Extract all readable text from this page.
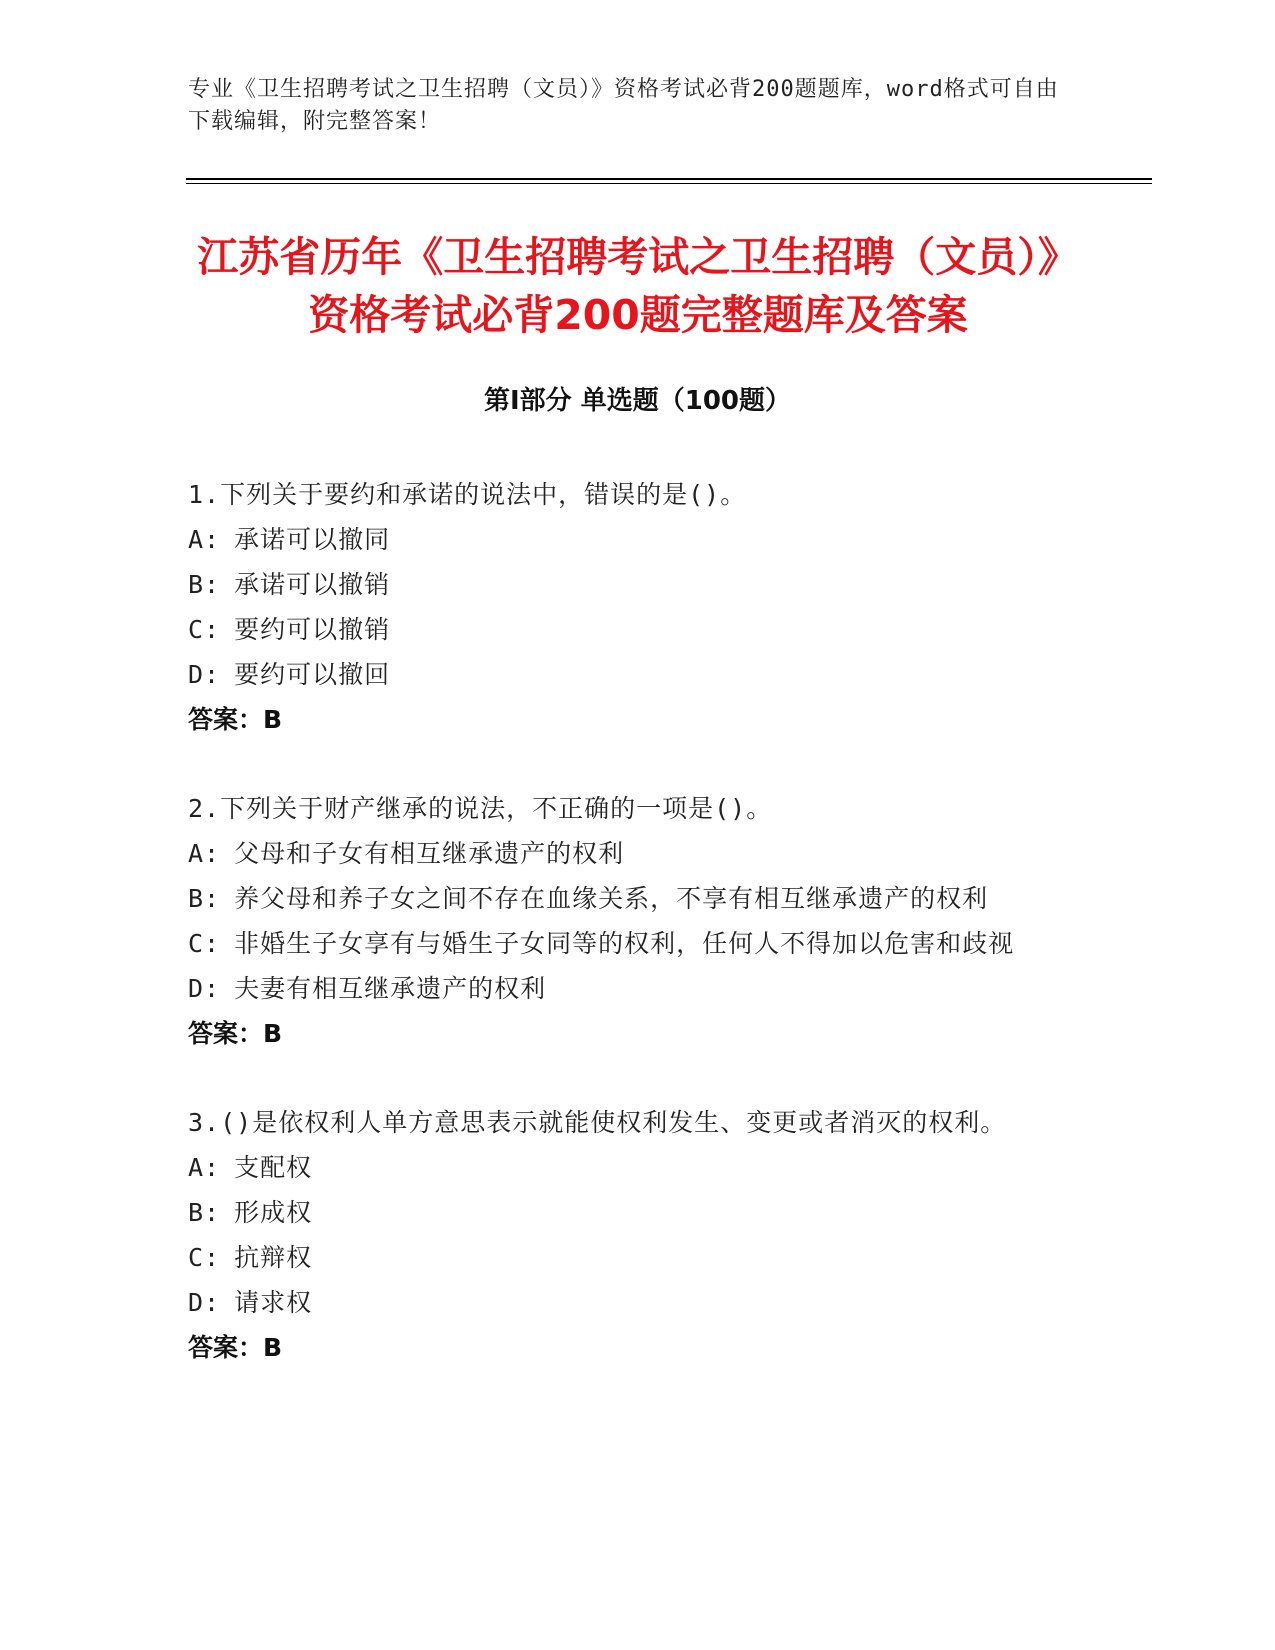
专业《卫生招聘考试之卫生招聘（文员）》资格考试必背200题题库，word格式可自由下载编辑，附完整答案！
江苏省历年《卫生招聘考试之卫生招聘（文员）》资格考试必背200题完整题库及答案
第Ⅰ部分 单选题（100题）
1.下列关于要约和承诺的说法中，错误的是()。
A: 承诺可以撤同
B: 承诺可以撤销
C: 要约可以撤销
D: 要约可以撤回
答案：B
2.下列关于财产继承的说法，不正确的一项是()。
A: 父母和子女有相互继承遗产的权利
B: 养父母和养子女之间不存在血缘关系，不享有相互继承遗产的权利
C: 非婚生子女享有与婚生子女同等的权利，任何人不得加以危害和歧视
D: 夫妻有相互继承遗产的权利
答案：B
3.()是依权利人单方意思表示就能使权利发生、变更或者消灭的权利。
A: 支配权
B: 形成权
C: 抗辩权
D: 请求权
答案：B
